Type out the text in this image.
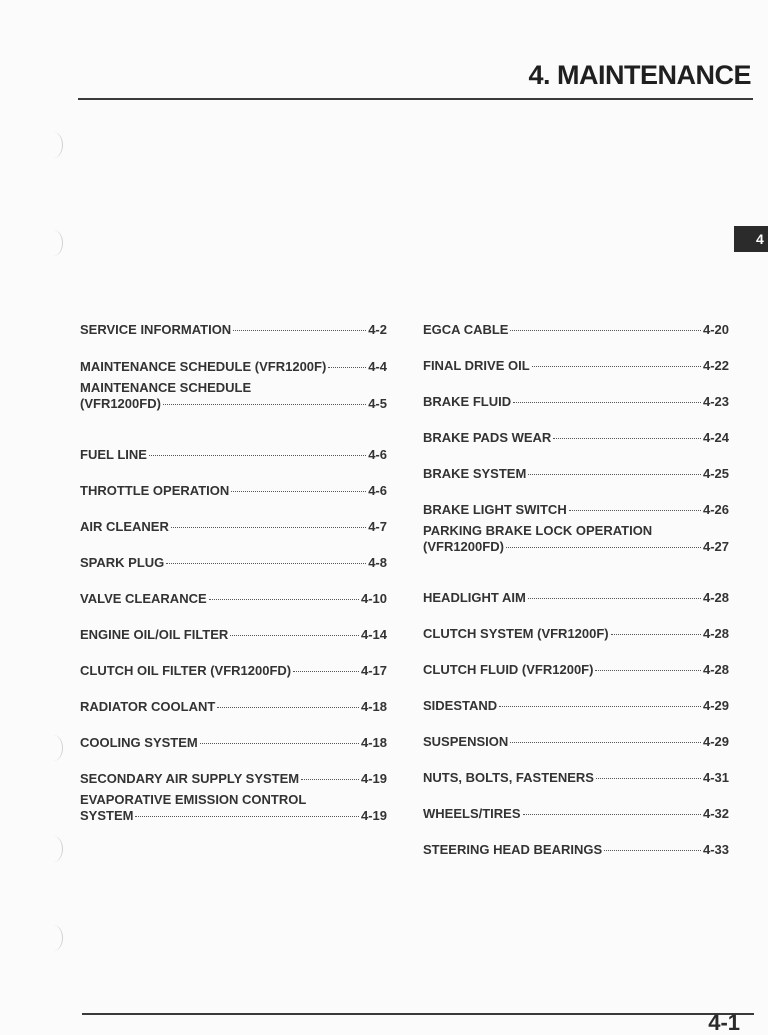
4. MAINTENANCE
4
SERVICE INFORMATION	4-2
MAINTENANCE SCHEDULE (VFR1200F)	4-4
MAINTENANCE SCHEDULE
(VFR1200FD)	4-5
FUEL LINE	4-6
THROTTLE OPERATION	4-6
AIR CLEANER	4-7
SPARK PLUG	4-8
VALVE CLEARANCE	4-10
ENGINE OIL/OIL FILTER	4-14
CLUTCH OIL FILTER (VFR1200FD)	4-17
RADIATOR COOLANT	4-18
COOLING SYSTEM	4-18
SECONDARY AIR SUPPLY SYSTEM	4-19
EVAPORATIVE EMISSION CONTROL
SYSTEM	4-19
EGCA CABLE	4-20
FINAL DRIVE OIL	4-22
BRAKE FLUID	4-23
BRAKE PADS WEAR	4-24
BRAKE SYSTEM	4-25
BRAKE LIGHT SWITCH	4-26
PARKING BRAKE LOCK OPERATION
(VFR1200FD)	4-27
HEADLIGHT AIM	4-28
CLUTCH SYSTEM (VFR1200F)	4-28
CLUTCH FLUID (VFR1200F)	4-28
SIDESTAND	4-29
SUSPENSION	4-29
NUTS, BOLTS, FASTENERS	4-31
WHEELS/TIRES	4-32
STEERING HEAD BEARINGS	4-33
4-1
